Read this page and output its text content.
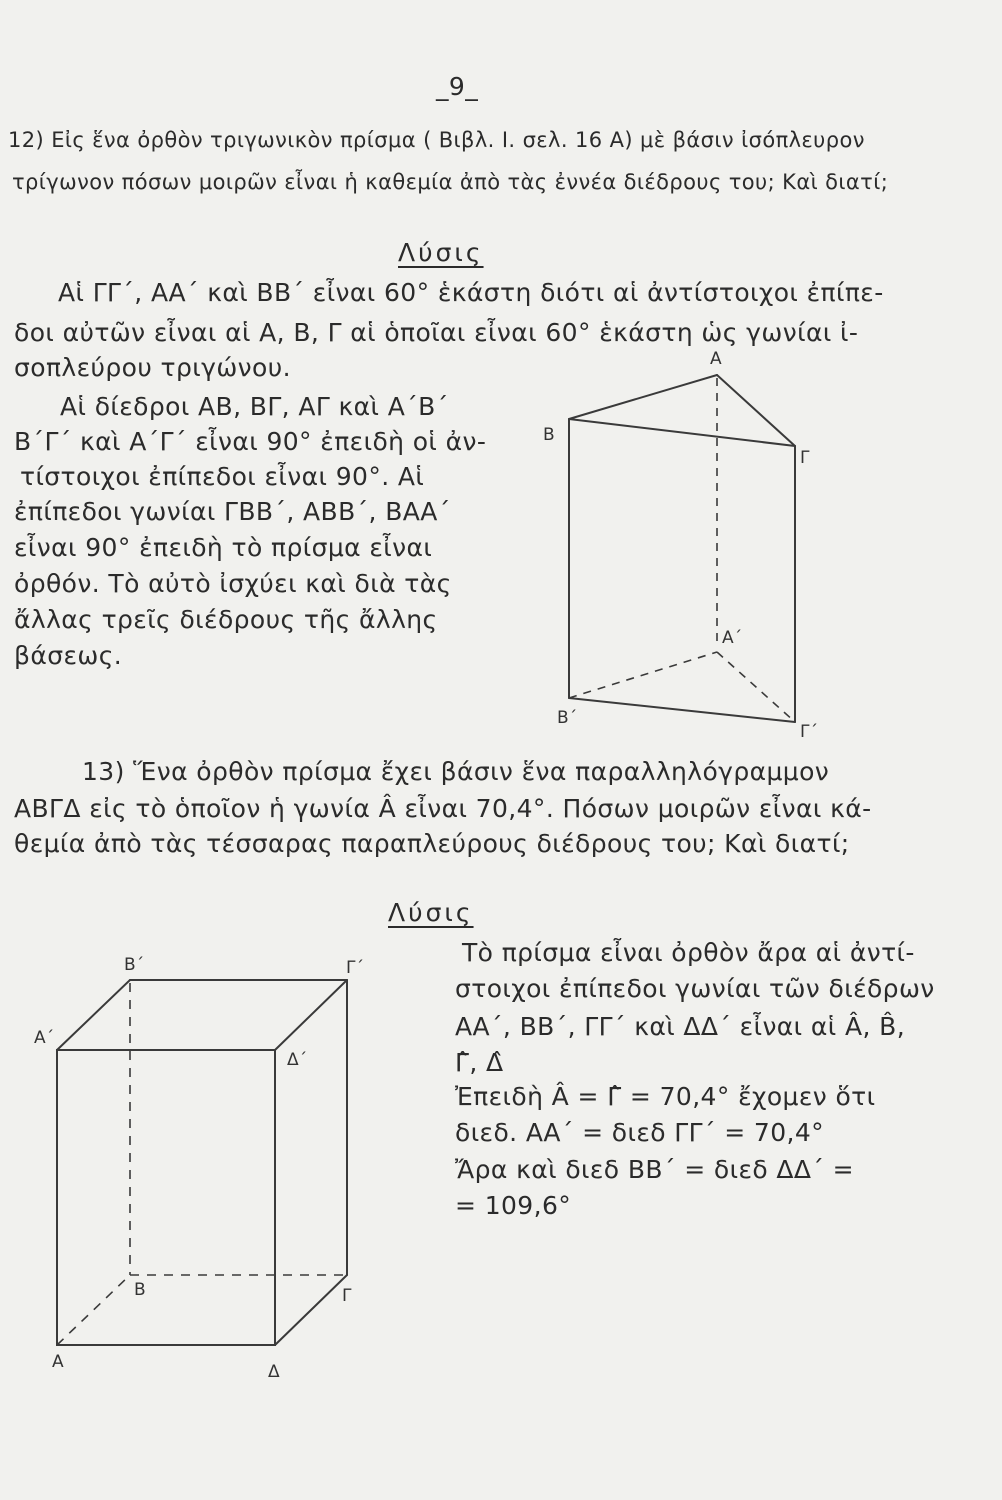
_9_
12) Εἰς ἕνα ὀρθὸν τριγωνικὸν πρίσμα ( Βιβλ. Ι. σελ. 16 Α) μὲ βάσιν ἰσόπλευρον
τρίγωνον πόσων μοιρῶν εἶναι ἡ καθεμία ἀπὸ τὰς ἐννέα διέδρους του; Καὶ διατί;
Λύσις
Αἱ ΓΓ΄, ΑΑ΄ καὶ ΒΒ΄ εἶναι 60° ἑκάστη διότι αἱ ἀντίστοιχοι ἐπίπε-
δοι αὐτῶν εἶναι αἱ Α, Β, Γ αἱ ὁποῖαι εἶναι 60° ἑκάστη ὡς γωνίαι ἰ-
σοπλεύρου τριγώνου.
Αἱ δίεδροι ΑΒ, ΒΓ, ΑΓ καὶ Α΄Β΄
Β΄Γ΄ καὶ Α΄Γ΄ εἶναι 90° ἐπειδὴ οἱ ἀν-
τίστοιχοι ἐπίπεδοι εἶναι 90°. Αἱ
ἐπίπεδοι γωνίαι ΓΒΒ΄, ΑΒΒ΄, ΒΑΑ΄
εἶναι 90° ἐπειδὴ τὸ πρίσμα εἶναι
ὀρθόν. Τὸ αὐτὸ ἰσχύει καὶ διὰ τὰς
ἄλλας τρεῖς διέδρους τῆς ἄλλης
βάσεως.
Α
Β
Γ
Α΄
Β΄
Γ΄
13) Ἕνα ὀρθὸν πρίσμα ἔχει βάσιν ἕνα παραλληλόγραμμον
ΑΒΓΔ εἰς τὸ ὁποῖον ἡ γωνία Â εἶναι 70,4°. Πόσων μοιρῶν εἶναι κά-
θεμία ἀπὸ τὰς τέσσαρας παραπλεύρους διέδρους του; Καὶ διατί;
Λύσις
Τὸ πρίσμα εἶναι ὀρθὸν ἄρα αἱ ἀντί-
στοιχοι ἐπίπεδοι γωνίαι τῶν διέδρων
ΑΑ΄, ΒΒ΄, ΓΓ΄ καὶ ΔΔ΄ εἶναι αἱ Â, B̂,
Γ̂, Δ̂
Ἐπειδὴ Â = Γ̂ = 70,4° ἔχομεν ὅτι
διεδ. ΑΑ΄ = διεδ ΓΓ΄ = 70,4°
Ἄρα καὶ διεδ ΒΒ΄ = διεδ ΔΔ΄ =
= 109,6°
Β΄	Γ΄
Α΄
Δ΄
Β	Γ
Α	Δ
